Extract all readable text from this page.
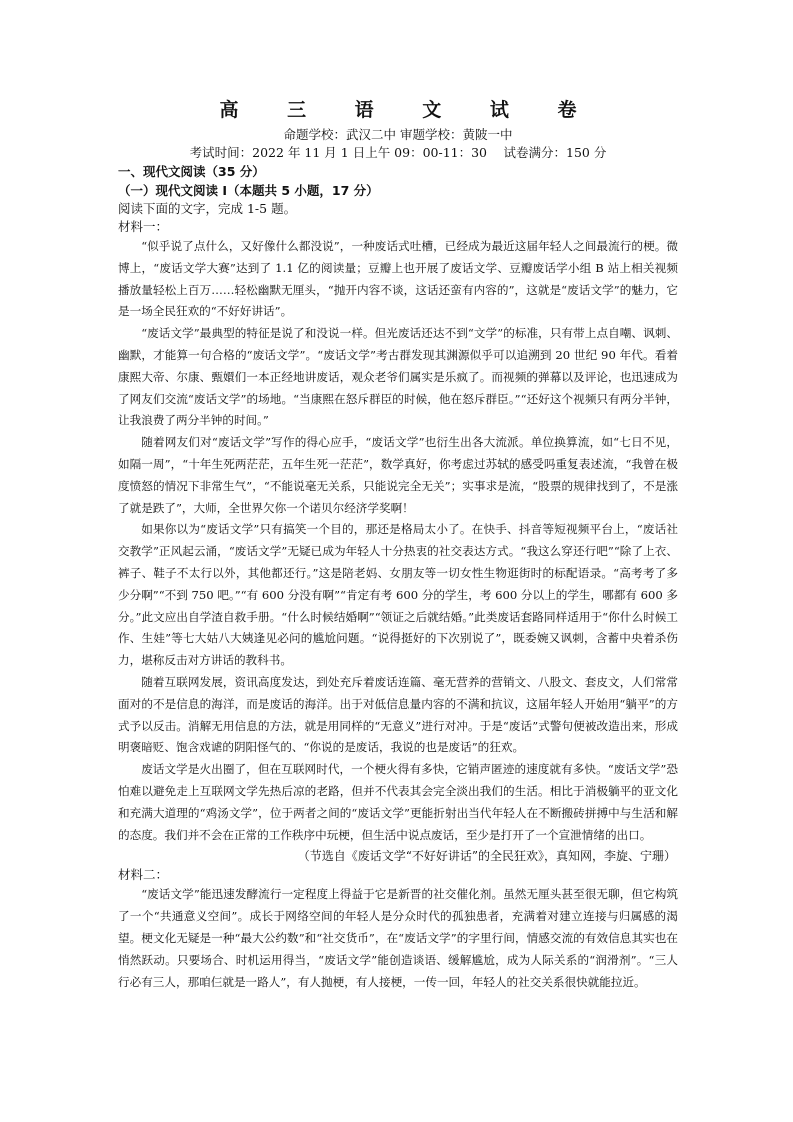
高 三 语 文 试 卷
命题学校：武汉二中 审题学校：黄陂一中
考试时间：2022 年 11 月 1 日上午 09：00-11：30　 试卷满分：150 分
一、现代文阅读（35 分）
（一）现代文阅读 I（本题共 5 小题，17 分）
阅读下面的文字，完成 1-5 题。
材料一：

“似乎说了点什么，又好像什么都没说”，一种废话式吐槽，已经成为最近这届年轻人之间最流行的梗。微博上，“废话文学大赛”达到了 1.1 亿的阅读量；豆瓣上也开展了废话文学、豆瓣废话学小组 B 站上相关视频播放量轻松上百万……轻松幽默无厘头，“抛开内容不谈，这话还蛮有内容的”，这就是“废话文学”的魅力，它是一场全民狂欢的“不好好讲话”。

“废话文学”最典型的特征是说了和没说一样。但光废话还达不到“文学”的标准，只有带上点自嘲、讽刺、幽默，才能算一句合格的“废话文学”。“废话文学”考古群发现其渊源似乎可以追溯到 20 世纪 90 年代。看着康熙大帝、尔康、甄嬛们一本正经地讲废话，观众老爷们属实是乐疯了。而视频的弹幕以及评论，也迅速成为了网友们交流“废话文学”的场地。“当康熙在怒斥群臣的时候，他在怒斥群臣。”“还好这个视频只有两分半钟，让我浪费了两分半钟的时间。”

随着网友们对“废话文学”写作的得心应手，“废话文学”也衍生出各大流派。单位换算流，如“七日不见，如隔一周”，“十年生死两茫茫，五年生死一茫茫”，数学真好，你考虑过苏轼的感受吗重复表述流，“我曾在极度愤怒的情况下非常生气”，“不能说毫无关系，只能说完全无关”；实事求是流，“股票的规律找到了，不是涨了就是跌了”，大师，全世界欠你一个诺贝尔经济学奖啊！

如果你以为“废话文学”只有搞笑一个目的，那还是格局太小了。在快手、抖音等短视频平台上，“废话社交教学”正风起云涌，“废话文学”无疑已成为年轻人十分热衷的社交表达方式。“我这么穿还行吧”“除了上衣、裤子、鞋子不太行以外，其他都还行。”这是陪老妈、女朋友等一切女性生物逛街时的标配语录。“高考考了多少分啊”“不到 750 吧。”“有 600 分没有啊”“肯定有考 600 分的学生，考 600 分以上的学生，哪都有 600 多分。”此文应出自学渣自救手册。“什么时候结婚啊”“领证之后就结婚。”此类废话套路同样适用于“你什么时候工作、生娃”等七大姑八大姨逢见必问的尴尬问题。“说得挺好的下次别说了”，既委婉又讽刺，含蓄中央着杀伤力，堪称反击对方讲话的教科书。

随着互联网发展，资讯高度发达，到处充斥着废话连篇、毫无营养的营销文、八股文、套皮文，人们常常面对的不是信息的海洋，而是废话的海洋。出于对低信息量内容的不满和抗议，这届年轻人开始用“躺平”的方式予以反击。消解无用信息的方法，就是用同样的“无意义”进行对冲。于是“废话”式警句便被改造出来，形成明褒暗贬、饱含戏谑的阴阳怪气的、“你说的是废话，我说的也是废话”的狂欢。

废话文学是火出圈了，但在互联网时代，一个梗火得有多快，它销声匿迹的速度就有多快。“废话文学”恐怕难以避免走上互联网文学先热后凉的老路，但并不代表其会完全淡出我们的生活。相比于消极躺平的亚文化和充满大道理的“鸡汤文学”，位于两者之间的“废话文学”更能折射出当代年轻人在不断搬砖拼搏中与生活和解的态度。我们并不会在正常的工作秩序中玩梗，但生活中说点废话，至少是打开了一个宣泄情绪的出口。

（节选自《废话文学“不好好讲话”的全民狂欢》，真知网，李旋、宁珊）
材料二：

“废话文学”能迅速发酵流行一定程度上得益于它是新晋的社交催化剂。虽然无厘头甚至很无聊，但它构筑了一个“共通意义空间”。成长于网络空间的年轻人是分众时代的孤独患者，充满着对建立连接与归属感的渴望。梗文化无疑是一种“最大公约数”和“社交货币”，在“废话文学”的字里行间，情感交流的有效信息其实也在悄然跃动。只要场合、时机运用得当，“废话文学”能创造谈语、缓解尴尬，成为人际关系的“润滑剂”。“三人行必有三人，那咱仨就是一路人”，有人抛梗，有人接梗，一传一回，年轻人的社交关系很快就能拉近。
